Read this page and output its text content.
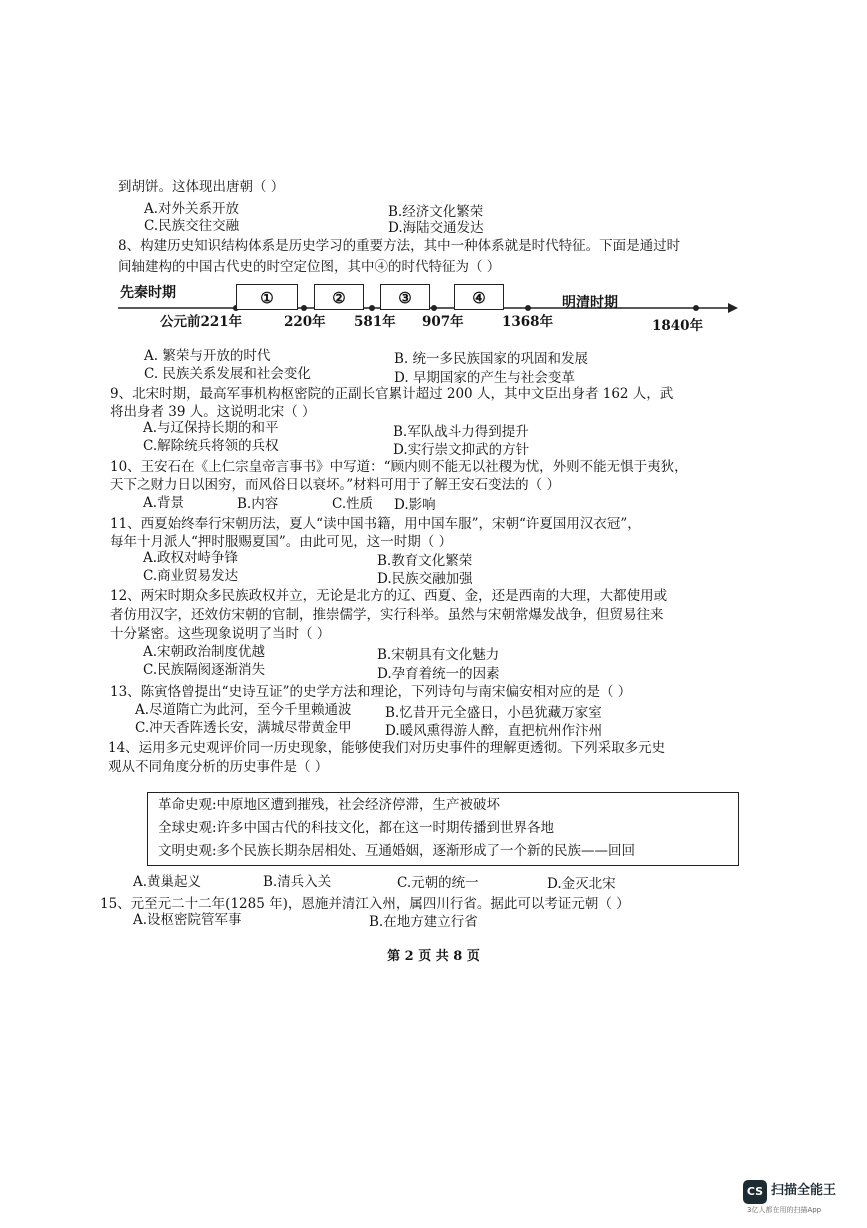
到胡饼。这体现出唐朝（ ）
A.对外关系开放	B.经济文化繁荣
C.民族交往交融	D.海陆交通发达
8、构建历史知识结构体系是历史学习的重要方法，其中一种体系就是时代特征。下面是通过时
间轴建构的中国古代史的时空定位图，其中④的时代特征为（ ）
先秦时期
明清时期
①	②	③	④
公元前221年	220年 581年 907年	1368年	1840年
A. 繁荣与开放的时代	B. 统一多民族国家的巩固和发展
C. 民族关系发展和社会变化	D. 早期国家的产生与社会变革
9、北宋时期，最高军事机构枢密院的正副长官累计超过 200 人，其中文臣出身者 162 人，武
将出身者 39 人。这说明北宋（ ）
A.与辽保持长期的和平	B.军队战斗力得到提升
C.解除统兵将领的兵权	D.实行崇文抑武的方针
10、王安石在《上仁宗皇帝言事书》中写道：“顾内则不能无以社稷为忧，外则不能无惧于夷狄，
天下之财力日以困穷，而风俗日以衰坏。”材料可用于了解王安石变法的（ ）
A.背景	B.内容	C.性质 D.影响
11、西夏始终奉行宋朝历法，夏人“读中国书籍，用中国车服”，宋朝“许夏国用汉衣冠”，
每年十月派人“押时服赐夏国”。由此可见，这一时期（ ）
A.政权对峙争锋	B.教育文化繁荣
C.商业贸易发达	D.民族交融加强
12、两宋时期众多民族政权并立，无论是北方的辽、西夏、金，还是西南的大理，大都使用或
者仿用汉字，还效仿宋朝的官制，推崇儒学，实行科举。虽然与宋朝常爆发战争，但贸易往来
十分紧密。这些现象说明了当时（ ）
A.宋朝政治制度优越	B.宋朝具有文化魅力
C.民族隔阂逐渐消失	D.孕育着统一的因素
13、陈寅恪曾提出“史诗互证”的史学方法和理论，下列诗句与南宋偏安相对应的是（ ）
A.尽道隋亡为此河，至今千里赖通波 B.忆昔开元全盛日，小邑犹藏万家室
C.冲天香阵透长安，满城尽带黄金甲 D.暖风熏得游人醉，直把杭州作汴州
14、运用多元史观评价同一历史现象，能够使我们对历史事件的理解更透彻。下列采取多元史
观从不同角度分析的历史事件是（ ）
革命史观:中原地区遭到摧残，社会经济停滞，生产被破坏
全球史观:许多中国古代的科技文化，都在这一时期传播到世界各地
文明史观:多个民族长期杂居相处、互通婚姻，逐渐形成了一个新的民族——回回
A.黄巢起义	B.清兵入关	C.元朝的统一	D.金灭北宋
15、元至元二十二年(1285 年)，恩施并清江入州，属四川行省。据此可以考证元朝（ ）
A.设枢密院管军事	B.在地方建立行省
第 2 页 共 8 页
CS 扫描全能王
3亿人都在用的扫描App
